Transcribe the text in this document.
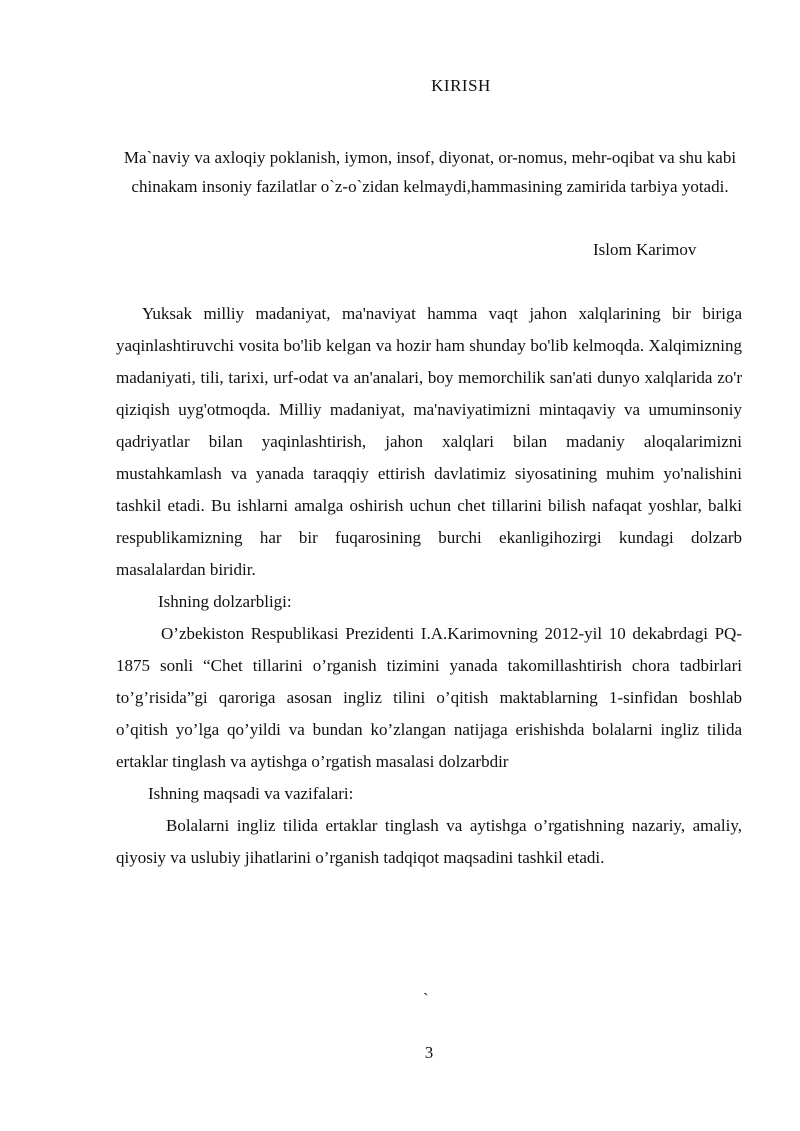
KIRISH
Ma`naviy va axloqiy poklanish, iymon, insof, diyonat, or-nomus, mehr-oqibat va shu kabi chinakam insoniy fazilatlar o`z-o`zidan kelmaydi,hammasining zamirida tarbiya yotadi.
Islom Karimov

Yuksak milliy madaniyat, ma'naviyat hamma vaqt jahon xalqlarining bir biriga yaqinlashtiruvchi vosita bo'lib kelgan va hozir ham shunday bo'lib kelmoqda. Xalqimizning madaniyati, tili, tarixi, urf-odat va an'analari, boy memorchilik san'ati dunyo xalqlarida zo'r qiziqish uyg'otmoqda. Milliy madaniyat, ma'naviyatimizni mintaqaviy va umuminsoniy qadriyatlar bilan yaqinlashtirish, jahon xalqlari bilan madaniy aloqalarimizni mustahkamlash va yanada taraqqiy ettirish davlatimiz siyosatining muhim yo'nalishini tashkil etadi. Bu ishlarni amalga oshirish uchun chet tillarini bilish nafaqat yoshlar, balki respublikamizning har bir fuqarosining burchi ekanligihozirgi kundagi dolzarb masalalardan biridir.

Ishning dolzarbligi:

O’zbekiston Respublikasi Prezidenti I.A.Karimovning 2012-yil 10 dekabrdagi PQ-1875 sonli “Chet tillarini o’rganish tizimini yanada takomillashtirish chora tadbirlari to’g’risida”gi qaroriga asosan ingliz tilini o’qitish maktablarning 1-sinfidan boshlab o’qitish yo’lga qo’yildi va bundan ko’zlangan natijaga erishishda bolalarni ingliz tilida ertaklar tinglash va aytishga o’rgatish masalasi dolzarbdir

Ishning maqsadi va vazifalari:

Bolalarni ingliz tilida ertaklar tinglash va aytishga o’rgatishning nazariy, amaliy, qiyosiy va uslubiy jihatlarini o’rganish tadqiqot maqsadini tashkil etadi.

`
3
